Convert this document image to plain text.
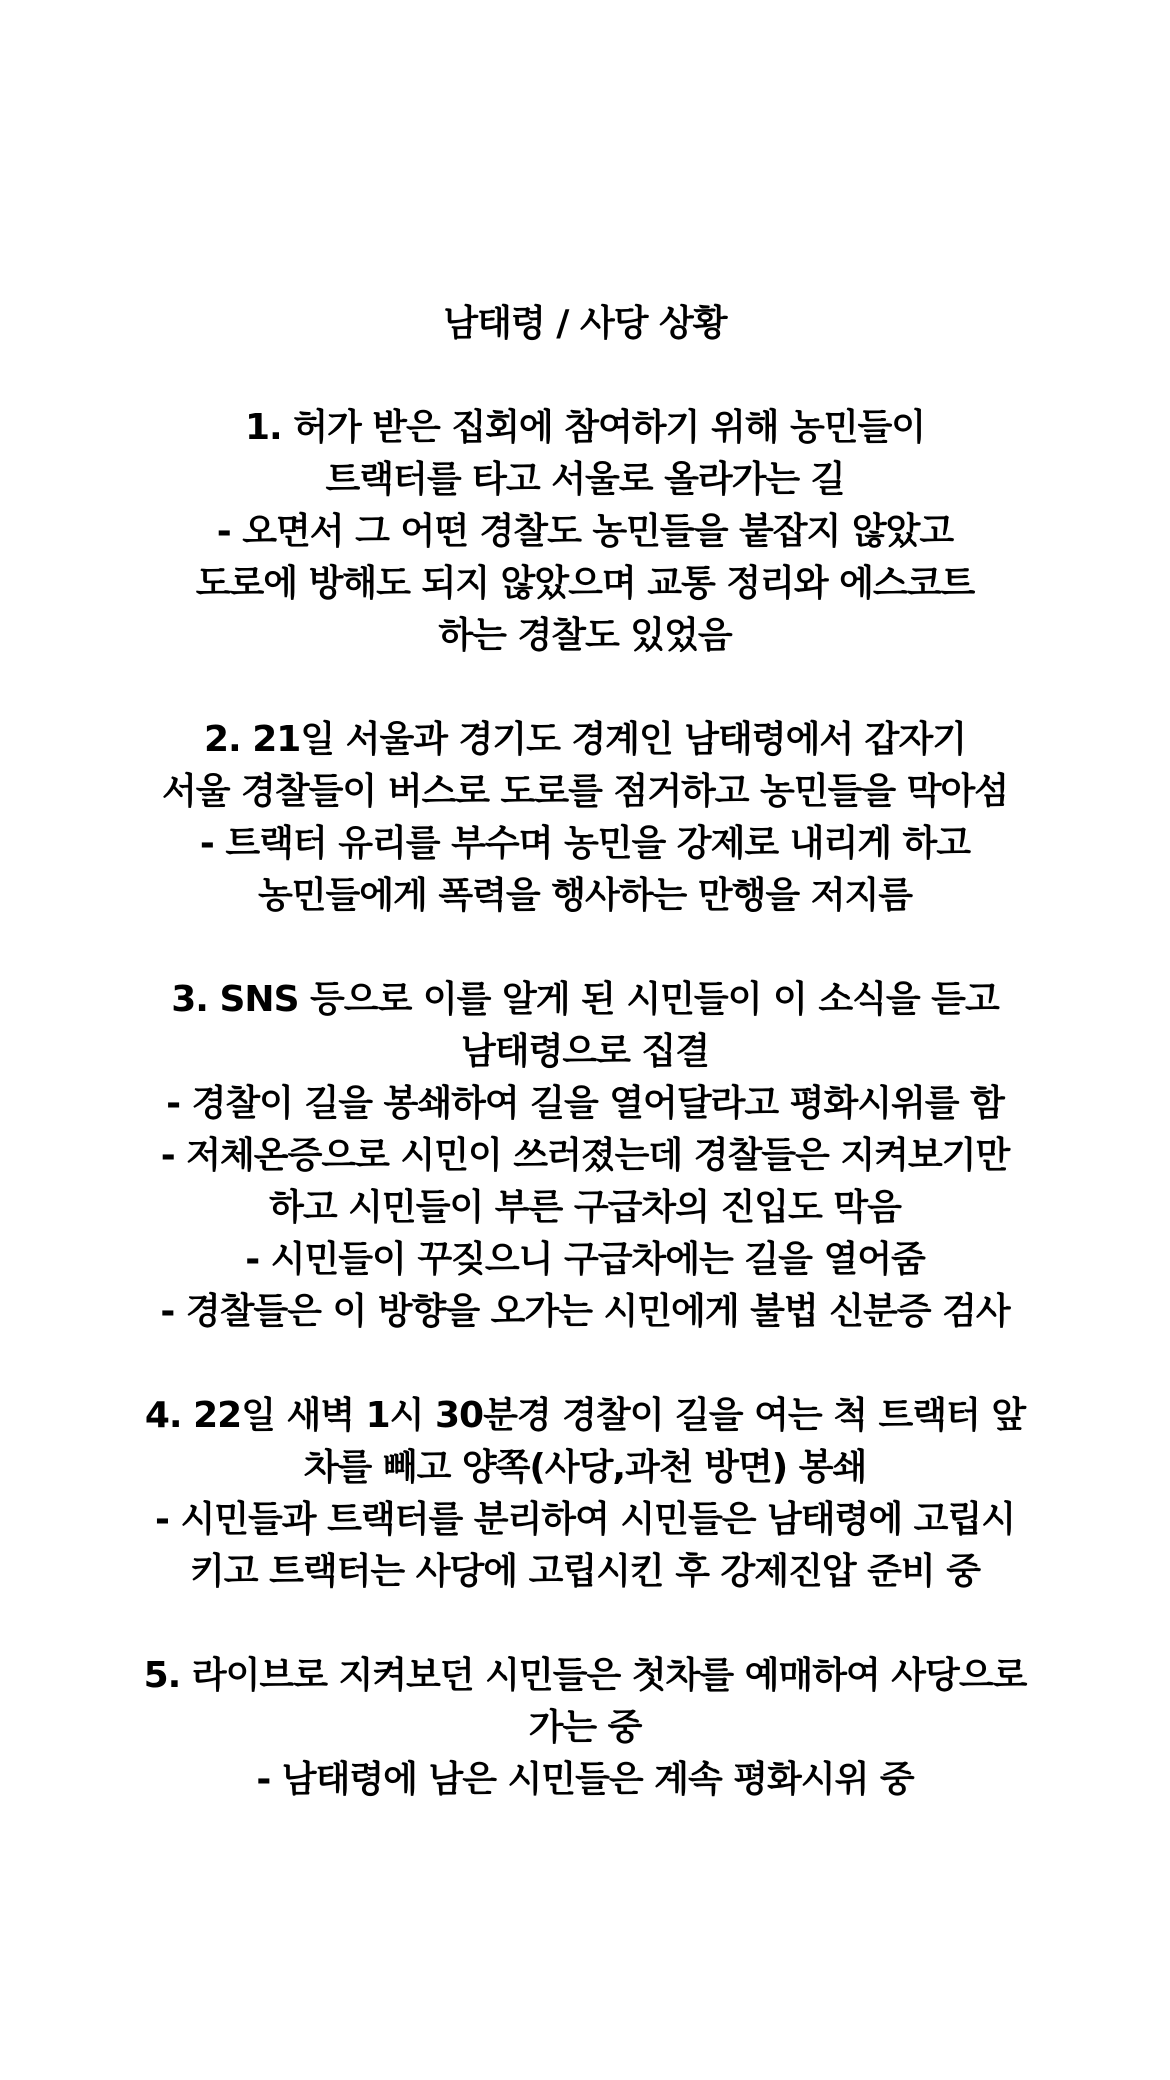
남태령 / 사당 상황
1. 허가 받은 집회에 참여하기 위해 농민들이
트랙터를 타고 서울로 올라가는 길
- 오면서 그 어떤 경찰도 농민들을 붙잡지 않았고
도로에 방해도 되지 않았으며 교통 정리와 에스코트
하는 경찰도 있었음
2. 21일 서울과 경기도 경계인 남태령에서 갑자기
서울 경찰들이 버스로 도로를 점거하고 농민들을 막아섬
- 트랙터 유리를 부수며 농민을 강제로 내리게 하고
농민들에게 폭력을 행사하는 만행을 저지름
3. SNS 등으로 이를 알게 된 시민들이 이 소식을 듣고
남태령으로 집결
- 경찰이 길을 봉쇄하여 길을 열어달라고 평화시위를 함
- 저체온증으로 시민이 쓰러졌는데 경찰들은 지켜보기만
하고 시민들이 부른 구급차의 진입도 막음
- 시민들이 꾸짖으니 구급차에는 길을 열어줌
- 경찰들은 이 방향을 오가는 시민에게 불법 신분증 검사
4. 22일 새벽 1시 30분경 경찰이 길을 여는 척 트랙터 앞
차를 빼고 양쪽(사당,과천 방면) 봉쇄
- 시민들과 트랙터를 분리하여 시민들은 남태령에 고립시
키고 트랙터는 사당에 고립시킨 후 강제진압 준비 중
5. 라이브로 지켜보던 시민들은 첫차를 예매하여 사당으로
가는 중
- 남태령에 남은 시민들은 계속 평화시위 중
